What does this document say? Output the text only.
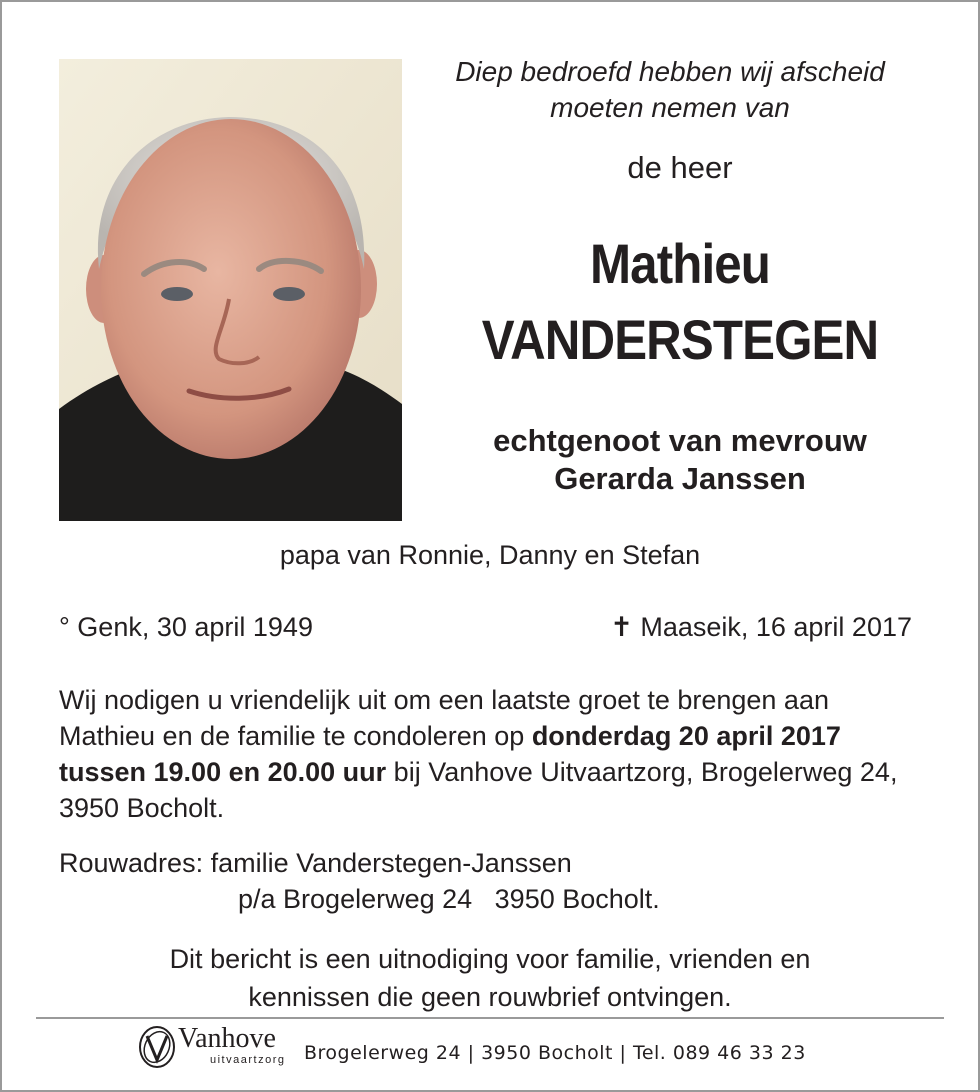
Diep bedroefd hebben wij afscheid
moeten nemen van
de heer
Mathieu
VANDERSTEGEN
echtgenoot van mevrouw
Gerarda Janssen
papa van Ronnie, Danny en Stefan
° Genk, 30 april 1949	✝ Maaseik, 16 april 2017
Wij nodigen u vriendelijk uit om een laatste groet te brengen aan Mathieu en de familie te condoleren op donderdag 20 april 2017 tussen 19.00 en 20.00 uur bij Vanhove Uitvaartzorg, Brogelerweg 24, 3950 Bocholt.
Rouwadres: familie Vanderstegen-Janssen
p/a Brogelerweg 24   3950 Bocholt.
Dit bericht is een uitnodiging voor familie, vrienden en
kennissen die geen rouwbrief ontvingen.
Vanhove
uitvaartzorg Brogelerweg 24 | 3950 Bocholt | Tel. 089 46 33 23
